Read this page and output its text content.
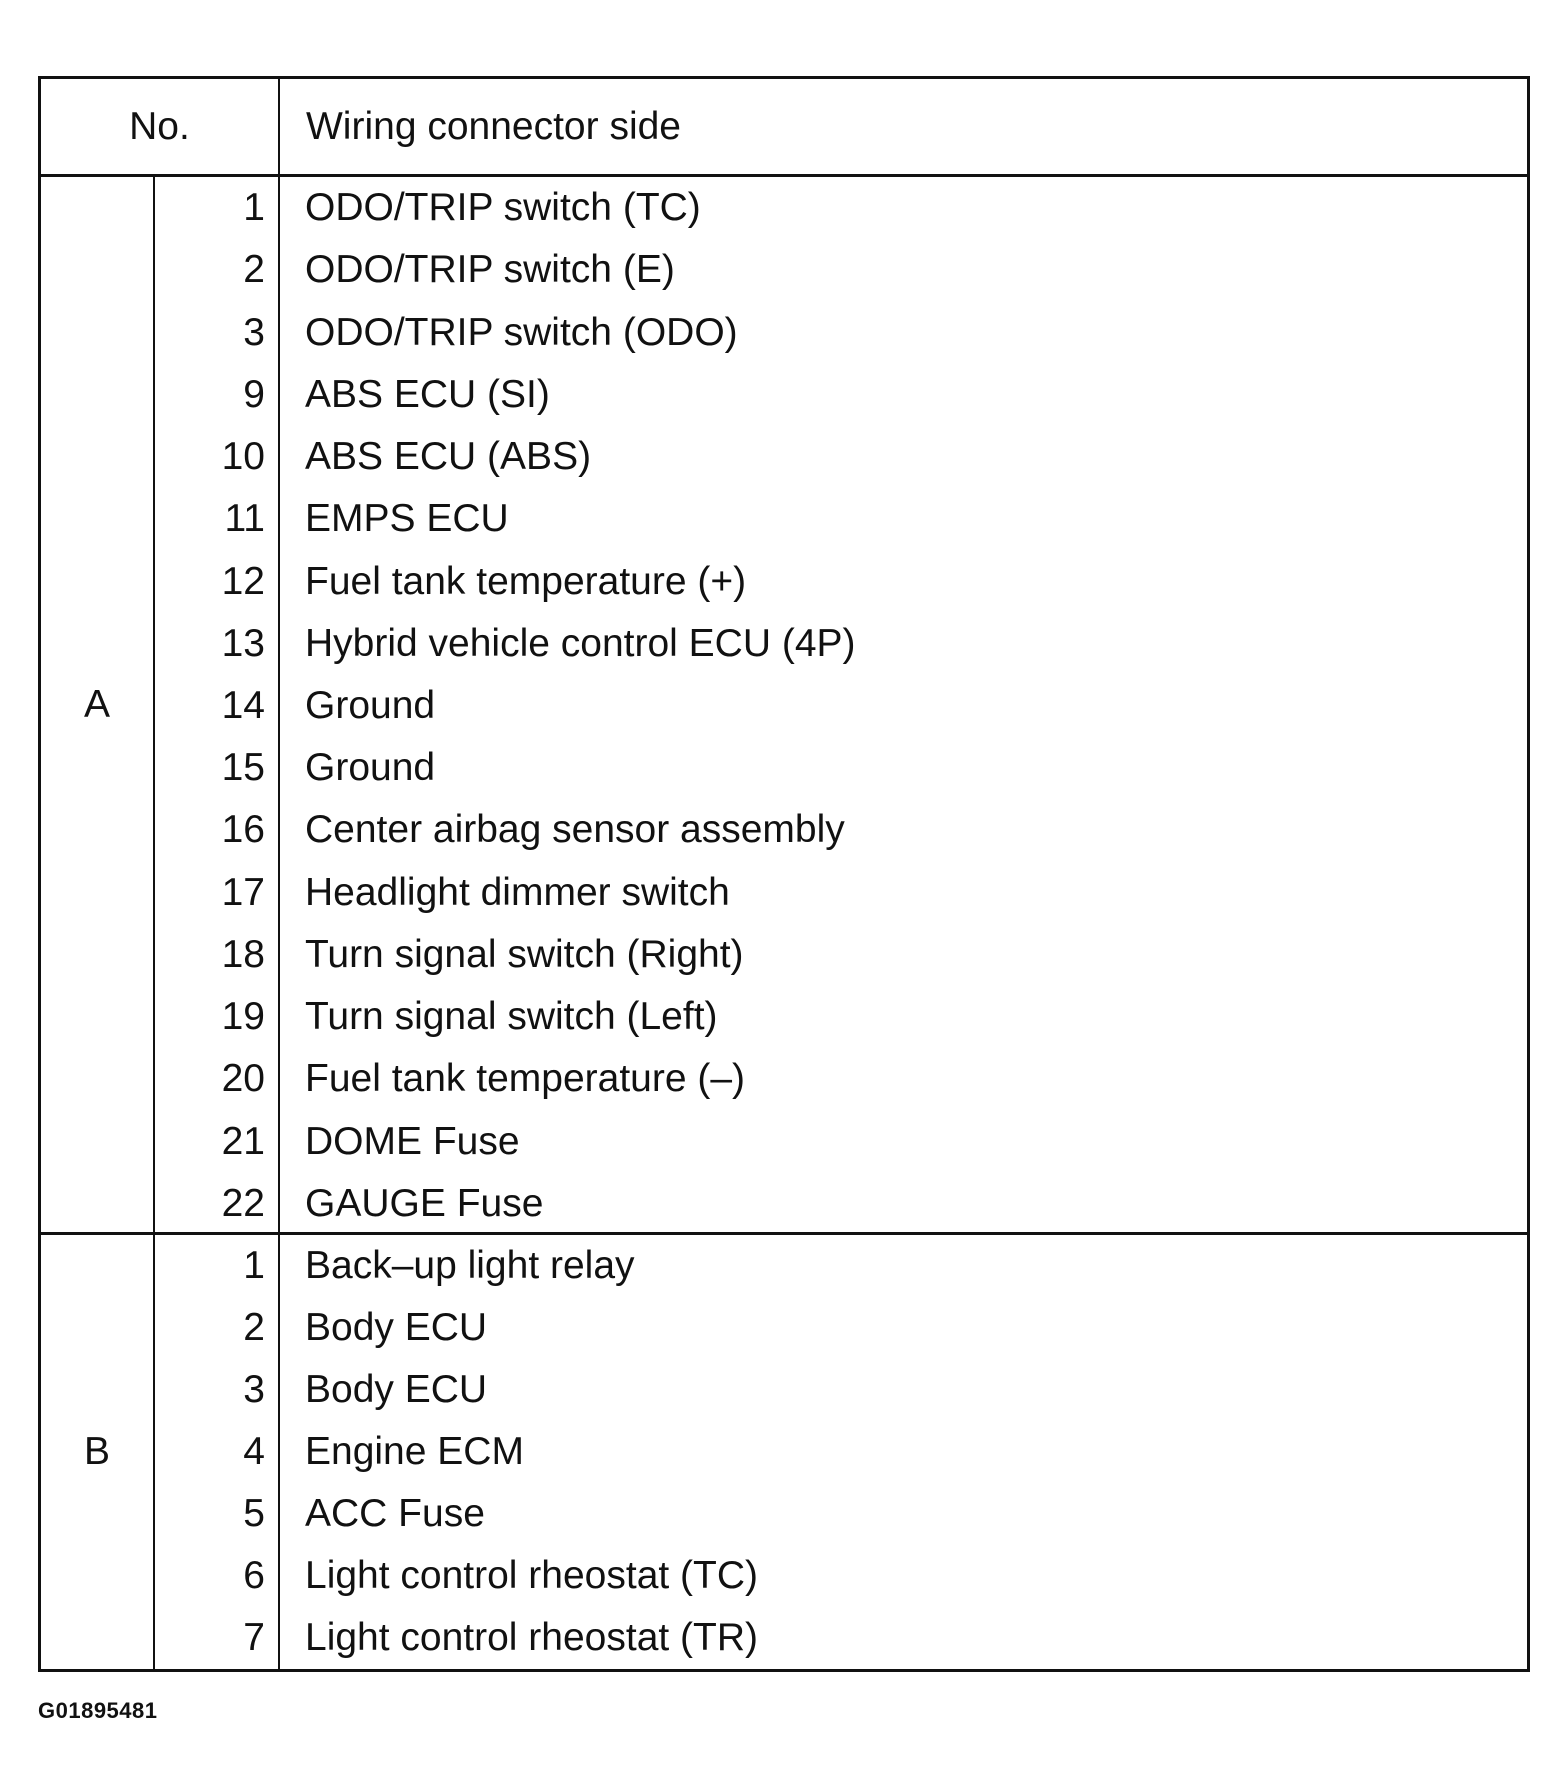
No.	Wiring connector side
A
1 ODO/TRIP switch (TC)
2 ODO/TRIP switch (E)
3 ODO/TRIP switch (ODO)
9 ABS ECU (SI)
10 ABS ECU (ABS)
11 EMPS ECU
12 Fuel tank temperature (+)
13 Hybrid vehicle control ECU (4P)
14 Ground
15 Ground
16 Center airbag sensor assembly
17 Headlight dimmer switch
18 Turn signal switch (Right)
19 Turn signal switch (Left)
20 Fuel tank temperature (–)
21 DOME Fuse
22 GAUGE Fuse
B
1 Back–up light relay
2 Body ECU
3 Body ECU
4 Engine ECM
5 ACC Fuse
6 Light control rheostat (TC)
7 Light control rheostat (TR)
G01895481
